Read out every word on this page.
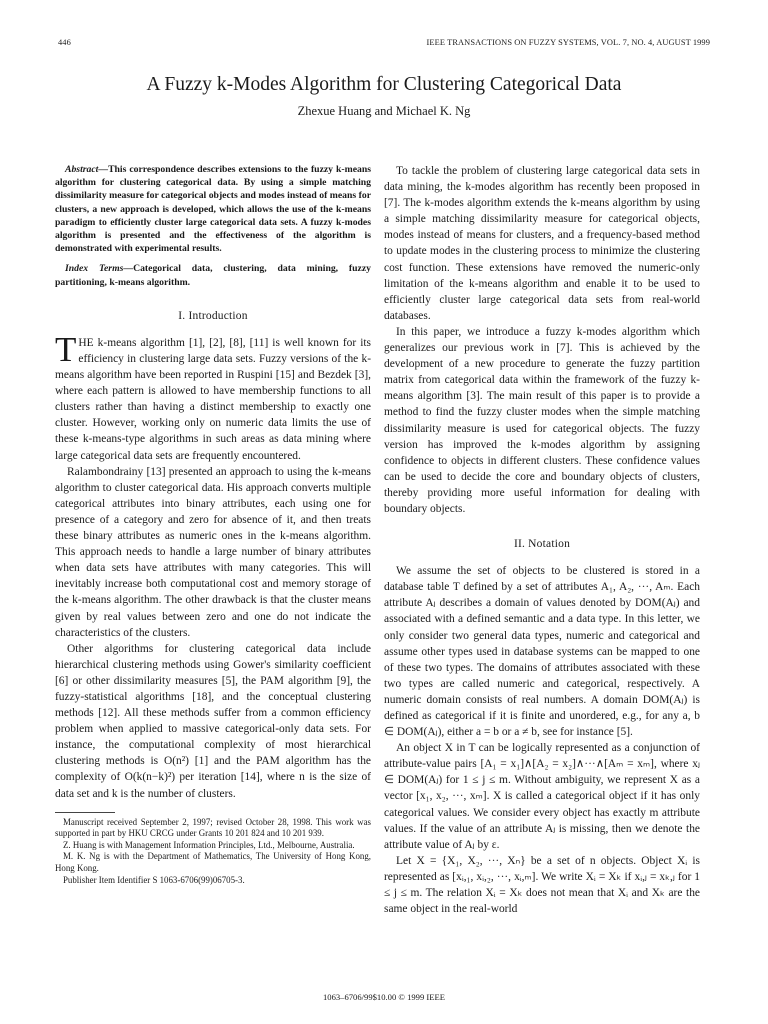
446	IEEE TRANSACTIONS ON FUZZY SYSTEMS, VOL. 7, NO. 4, AUGUST 1999
A Fuzzy k-Modes Algorithm for Clustering Categorical Data
Zhexue Huang and Michael K. Ng

Abstract—This correspondence describes extensions to the fuzzy k-means algorithm for clustering categorical data. By using a simple matching dissimilarity measure for categorical objects and modes instead of means for clusters, a new approach is developed, which allows the use of the k-means paradigm to efficiently cluster large categorical data sets. A fuzzy k-modes algorithm is presented and the effectiveness of the algorithm is demonstrated with experimental results.

Index Terms—Categorical data, clustering, data mining, fuzzy partitioning, k-means algorithm.

I. Introduction

THE k-means algorithm [1], [2], [8], [11] is well known for its efficiency in clustering large data sets. Fuzzy versions of the k-means algorithm have been reported in Ruspini [15] and Bezdek [3], where each pattern is allowed to have membership functions to all clusters rather than having a distinct membership to exactly one cluster. However, working only on numeric data limits the use of these k-means-type algorithms in such areas as data mining where large categorical data sets are frequently encountered.

Ralambondrainy [13] presented an approach to using the k-means algorithm to cluster categorical data. His approach converts multiple categorical attributes into binary attributes, each using one for presence of a category and zero for absence of it, and then treats these binary attributes as numeric ones in the k-means algorithm. This approach needs to handle a large number of binary attributes when data sets have attributes with many categories. This will inevitably increase both computational cost and memory storage of the k-means algorithm. The other drawback is that the cluster means given by real values between zero and one do not indicate the characteristics of the clusters.

Other algorithms for clustering categorical data include hierarchical clustering methods using Gower's similarity coefficient [6] or other dissimilarity measures [5], the PAM algorithm [9], the fuzzy-statistical algorithms [18], and the conceptual clustering methods [12]. All these methods suffer from a common efficiency problem when applied to massive categorical-only data sets. For instance, the computational complexity of most hierarchical clustering methods is O(n²) [1] and the PAM algorithm has the complexity of O(k(n−k)²) per iteration [14], where n is the size of data set and k is the number of clusters.

Manuscript received September 2, 1997; revised October 28, 1998. This work was supported in part by HKU CRCG under Grants 10 201 824 and 10 201 939.

Z. Huang is with Management Information Principles, Ltd., Melbourne, Australia.

M. K. Ng is with the Department of Mathematics, The University of Hong Kong, Hong Kong.

Publisher Item Identifier S 1063-6706(99)06705-3.

To tackle the problem of clustering large categorical data sets in data mining, the k-modes algorithm has recently been proposed in [7]. The k-modes algorithm extends the k-means algorithm by using a simple matching dissimilarity measure for categorical objects, modes instead of means for clusters, and a frequency-based method to update modes in the clustering process to minimize the clustering cost function. These extensions have removed the numeric-only limitation of the k-means algorithm and enable it to be used to efficiently cluster large categorical data sets from real-world databases.

In this paper, we introduce a fuzzy k-modes algorithm which generalizes our previous work in [7]. This is achieved by the development of a new procedure to generate the fuzzy partition matrix from categorical data within the framework of the fuzzy k-means algorithm [3]. The main result of this paper is to provide a method to find the fuzzy cluster modes when the simple matching dissimilarity measure is used for categorical objects. The fuzzy version has improved the k-modes algorithm by assigning confidence to objects in different clusters. These confidence values can be used to decide the core and boundary objects of clusters, thereby providing more useful information for dealing with boundary objects.

II. Notation

We assume the set of objects to be clustered is stored in a database table T defined by a set of attributes A₁, A₂, ···, Aₘ. Each attribute Aⱼ describes a domain of values denoted by DOM(Aⱼ) and associated with a defined semantic and a data type. In this letter, we only consider two general data types, numeric and categorical and assume other types used in database systems can be mapped to one of these two types. The domains of attributes associated with these two types are called numeric and categorical, respectively. A numeric domain consists of real numbers. A domain DOM(Aⱼ) is defined as categorical if it is finite and unordered, e.g., for any a, b ∈ DOM(Aⱼ), either a = b or a ≠ b, see for instance [5].

An object X in T can be logically represented as a conjunction of attribute-value pairs [A₁ = x₁]∧[A₂ = x₂]∧···∧[Aₘ = xₘ], where xⱼ ∈ DOM(Aⱼ) for 1 ≤ j ≤ m. Without ambiguity, we represent X as a vector [x₁, x₂, ···, xₘ]. X is called a categorical object if it has only categorical values. We consider every object has exactly m attribute values. If the value of an attribute Aⱼ is missing, then we denote the attribute value of Aⱼ by ε.

Let X = {X₁, X₂, ···, Xₙ} be a set of n objects. Object Xᵢ is represented as [xᵢ,₁, xᵢ,₂, ···, xᵢ,ₘ]. We write Xᵢ = Xₖ if xᵢ,ⱼ = xₖ,ⱼ for 1 ≤ j ≤ m. The relation Xᵢ = Xₖ does not mean that Xᵢ and Xₖ are the same object in the real-world

1063–6706/99$10.00 © 1999 IEEE
